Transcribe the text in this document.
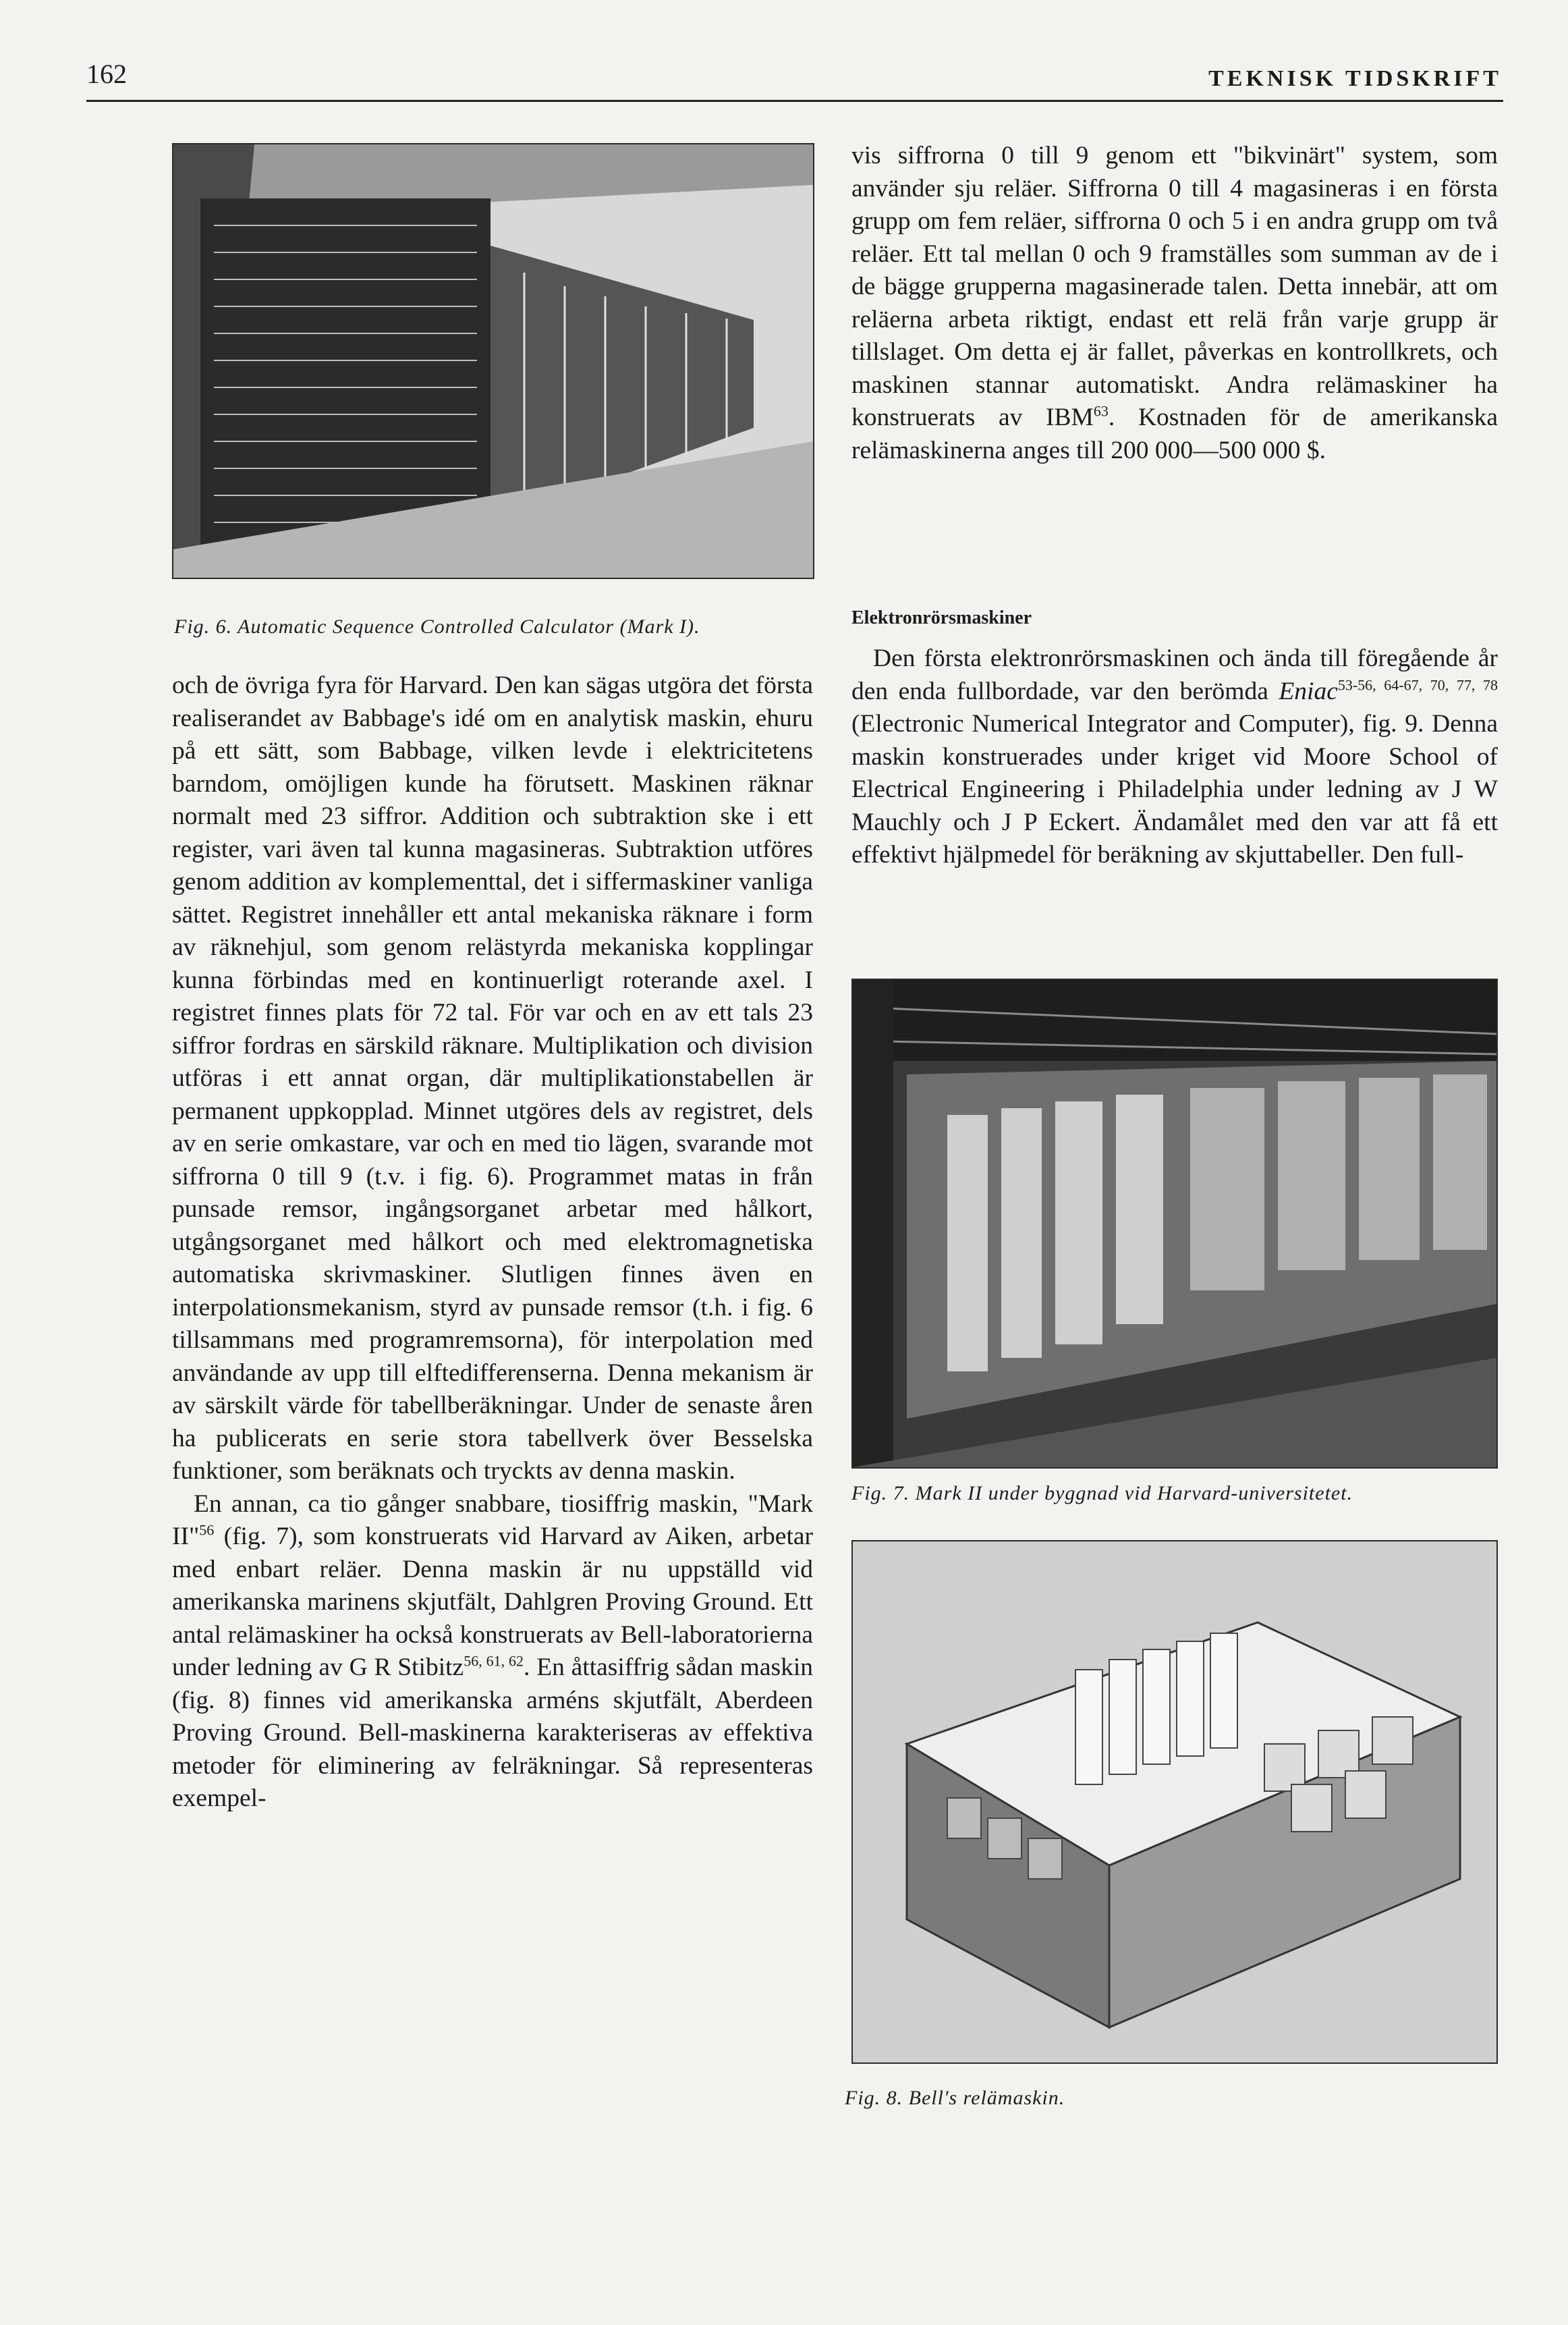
162	TEKNISK TIDSKRIFT
Fig. 6. Automatic Sequence Controlled Calculator (Mark I).

och de övriga fyra för Harvard. Den kan sägas utgöra det första realiserandet av Babbage's idé om en analytisk maskin, ehuru på ett sätt, som Babbage, vilken levde i elektricitetens barndom, omöjligen kunde ha förutsett. Maskinen räknar normalt med 23 siffror. Addition och subtraktion ske i ett register, vari även tal kunna magasineras. Subtraktion utföres genom addition av komplementtal, det i siffermaskiner vanliga sättet. Registret innehåller ett antal mekaniska räknare i form av räknehjul, som genom relästyrda mekaniska kopplingar kunna förbindas med en kontinuerligt roterande axel. I registret finnes plats för 72 tal. För var och en av ett tals 23 siffror fordras en särskild räknare. Multiplikation och division utföras i ett annat organ, där multiplikationstabellen är permanent uppkopplad. Minnet utgöres dels av registret, dels av en serie omkastare, var och en med tio lägen, svarande mot siffrorna 0 till 9 (t.v. i fig. 6). Programmet matas in från punsade remsor, ingångsorganet arbetar med hålkort, utgångsorganet med hålkort och med elektromagnetiska automatiska skrivmaskiner. Slutligen finnes även en interpolationsmekanism, styrd av punsade remsor (t.h. i fig. 6 tillsammans med programremsorna), för interpolation med användande av upp till elftedifferenserna. Denna mekanism är av särskilt värde för tabellberäkningar. Under de senaste åren ha publicerats en serie stora tabellverk över Besselska funktioner, som beräknats och tryckts av denna maskin.

En annan, ca tio gånger snabbare, tiosiffrig maskin, "Mark II"$^{56}$ (fig. 7), som konstruerats vid Harvard av Aiken, arbetar med enbart reläer. Denna maskin är nu uppställd vid amerikanska marinens skjutfält, Dahlgren Proving Ground. Ett antal relämaskiner ha också konstruerats av Bell-laboratorierna under ledning av G R Stibitz$^{56, 61, 62}$. En åttasiffrig sådan maskin (fig. 8) finnes vid amerikanska arméns skjutfält, Aberdeen Proving Ground. Bell-maskinerna karakteriseras av effektiva metoder för eliminering av felräkningar. Så representeras exempel-

vis siffrorna 0 till 9 genom ett "bikvinärt" system, som använder sju reläer. Siffrorna 0 till 4 magasineras i en första grupp om fem reläer, siffrorna 0 och 5 i en andra grupp om två reläer. Ett tal mellan 0 och 9 framställes som summan av de i de bägge grupperna magasinerade talen. Detta innebär, att om reläerna arbeta riktigt, endast ett relä från varje grupp är tillslaget. Om detta ej är fallet, påverkas en kontrollkrets, och maskinen stannar automatiskt. Andra relämaskiner ha konstruerats av IBM$^{63}$. Kostnaden för de amerikanska relämaskinerna anges till 200 000—500 000 $.

Elektronrörsmaskiner

Den första elektronrörsmaskinen och ända till föregående år den enda fullbordade, var den berömda Eniac$^{53-56, 64-67, 70, 77, 78}$ (Electronic Numerical Integrator and Computer), fig. 9. Denna maskin konstruerades under kriget vid Moore School of Electrical Engineering i Philadelphia under ledning av J W Mauchly och J P Eckert. Ändamålet med den var att få ett effektivt hjälpmedel för beräkning av skjuttabeller. Den full-

Fig. 7. Mark II under byggnad vid Harvard-universitetet.
Fig. 8. Bell's relämaskin.
